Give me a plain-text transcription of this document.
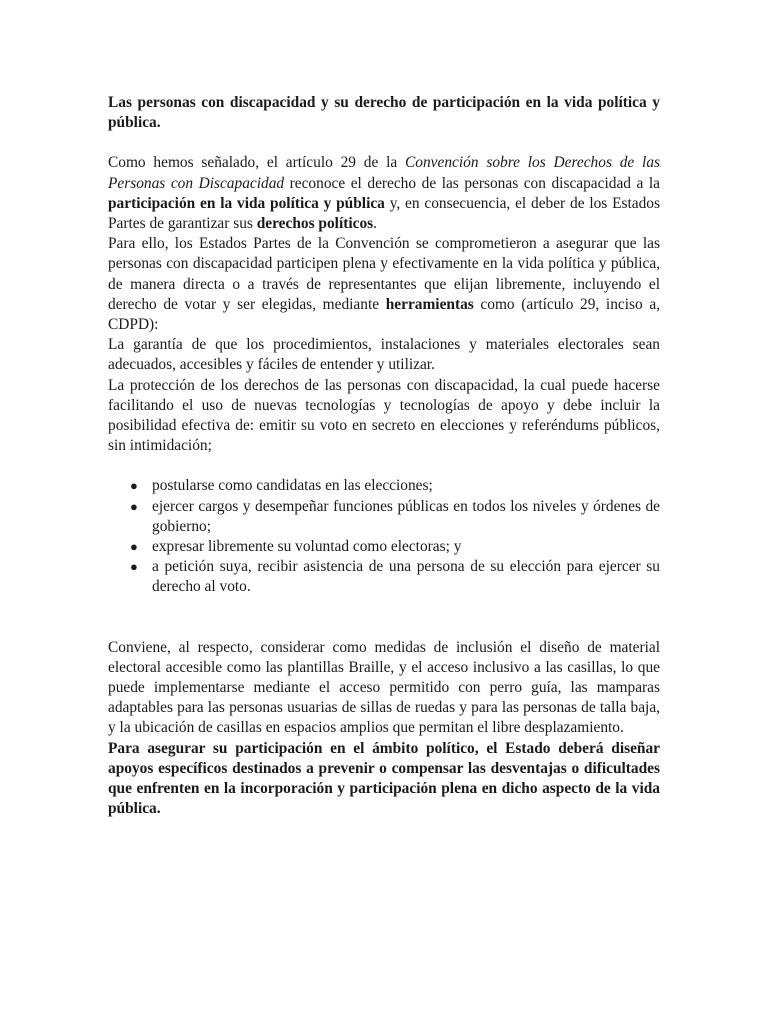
Las personas con discapacidad y su derecho de participación en la vida política y pública.

Como hemos señalado, el artículo 29 de la Convención sobre los Derechos de las Personas con Discapacidad reconoce el derecho de las personas con discapacidad a la participación en la vida política y pública y, en consecuencia, el deber de los Estados Partes de garantizar sus derechos políticos.

Para ello, los Estados Partes de la Convención se comprometieron a asegurar que las personas con discapacidad participen plena y efectivamente en la vida política y pública, de manera directa o a través de representantes que elijan libremente, incluyendo el derecho de votar y ser elegidas, mediante herramientas como (artículo 29, inciso a, CDPD):

La garantía de que los procedimientos, instalaciones y materiales electorales sean adecuados, accesibles y fáciles de entender y utilizar.

La protección de los derechos de las personas con discapacidad, la cual puede hacerse facilitando el uso de nuevas tecnologías y tecnologías de apoyo y debe incluir la posibilidad efectiva de: emitir su voto en secreto en elecciones y referéndums públicos, sin intimidación;

● postularse como candidatas en las elecciones;
● ejercer cargos y desempeñar funciones públicas en todos los niveles y órdenes de gobierno;
● expresar libremente su voluntad como electoras; y
● a petición suya, recibir asistencia de una persona de su elección para ejercer su derecho al voto.

Conviene, al respecto, considerar como medidas de inclusión el diseño de material electoral accesible como las plantillas Braille, y el acceso inclusivo a las casillas, lo que puede implementarse mediante el acceso permitido con perro guía, las mamparas adaptables para las personas usuarias de sillas de ruedas y para las personas de talla baja, y la ubicación de casillas en espacios amplios que permitan el libre desplazamiento.

Para asegurar su participación en el ámbito político, el Estado deberá diseñar apoyos específicos destinados a prevenir o compensar las desventajas o dificultades que enfrenten en la incorporación y participación plena en dicho aspecto de la vida pública.
